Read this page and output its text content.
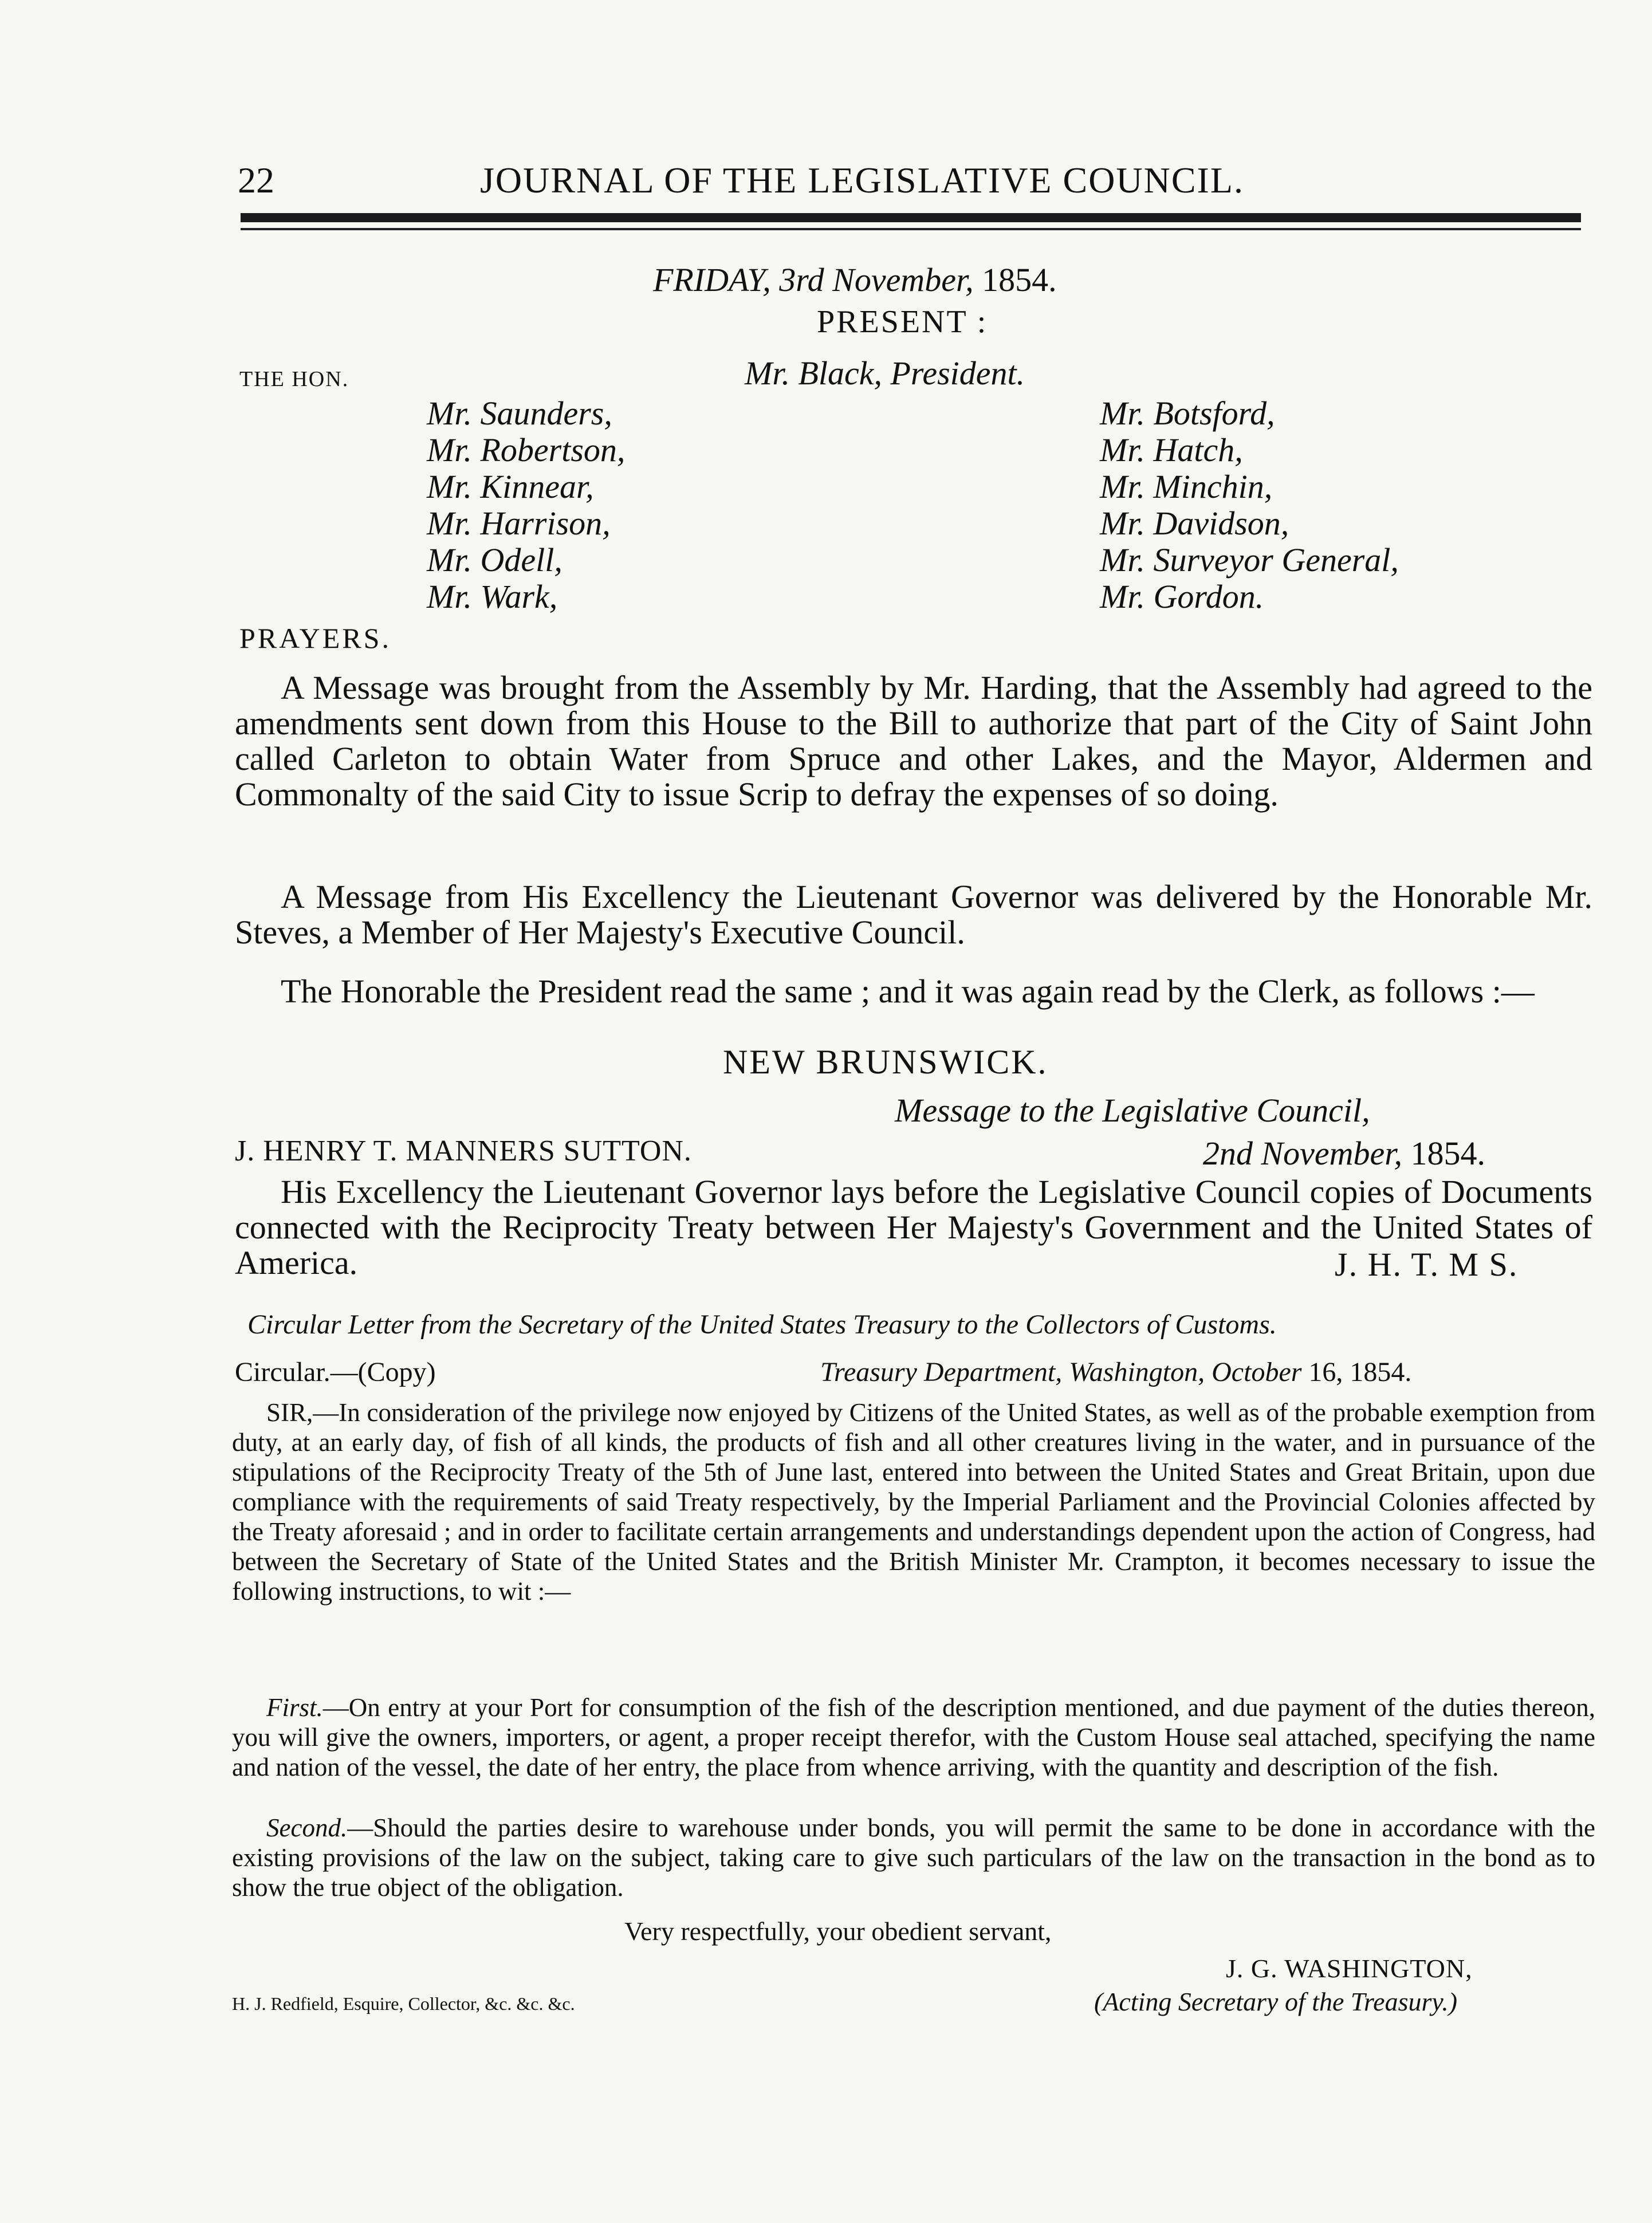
22	JOURNAL OF THE LEGISLATIVE COUNCIL.
FRIDAY, 3rd November, 1854.
PRESENT :
THE HON.	Mr. Black, President.
Mr. Saunders,
Mr. Robertson,
Mr. Kinnear,
Mr. Harrison,
Mr. Odell,
Mr. Wark,
Mr. Botsford,
Mr. Hatch,
Mr. Minchin,
Mr. Davidson,
Mr. Surveyor General,
Mr. Gordon.
PRAYERS.

A Message was brought from the Assembly by Mr. Harding, that the Assembly had agreed to the amendments sent down from this House to the Bill to authorize that part of the City of Saint John called Carleton to obtain Water from Spruce and other Lakes, and the Mayor, Aldermen and Commonalty of the said City to issue Scrip to defray the expenses of so doing.

A Message from His Excellency the Lieutenant Governor was delivered by the Honorable Mr. Steves, a Member of Her Majesty's Executive Council.

The Honorable the President read the same ; and it was again read by the Clerk, as follows :—

NEW BRUNSWICK.
Message to the Legislative Council,
J. HENRY T. MANNERS SUTTON.	2nd November, 1854.

His Excellency the Lieutenant Governor lays before the Legislative Council copies of Documents connected with the Reciprocity Treaty between Her Majesty's Government and the United States of America.	J. H. T. M S.
Circular Letter from the Secretary of the United States Treasury to the Collectors of Customs.
Circular.—(Copy)	Treasury Department, Washington, October 16, 1854.

SIR,—In consideration of the privilege now enjoyed by Citizens of the United States, as well as of the probable exemption from duty, at an early day, of fish of all kinds, the products of fish and all other creatures living in the water, and in pursuance of the stipulations of the Reciprocity Treaty of the 5th of June last, entered into between the United States and Great Britain, upon due compliance with the requirements of said Treaty respectively, by the Imperial Parliament and the Provincial Colonies affected by the Treaty aforesaid ; and in order to facilitate certain arrangements and understandings dependent upon the action of Congress, had between the Secretary of State of the United States and the British Minister Mr. Crampton, it becomes necessary to issue the following instructions, to wit :—

First.—On entry at your Port for consumption of the fish of the description mentioned, and due payment of the duties thereon, you will give the owners, importers, or agent, a proper receipt therefor, with the Custom House seal attached, specifying the name and nation of the vessel, the date of her entry, the place from whence arriving, with the quantity and description of the fish.

Second.—Should the parties desire to warehouse under bonds, you will permit the same to be done in accordance with the existing provisions of the law on the subject, taking care to give such particulars of the law on the transaction in the bond as to show the true object of the obligation.

Very respectfully, your obedient servant,
J. G. WASHINGTON,
(Acting Secretary of the Treasury.)
H. J. Redfield, Esquire, Collector, &c. &c. &c.
